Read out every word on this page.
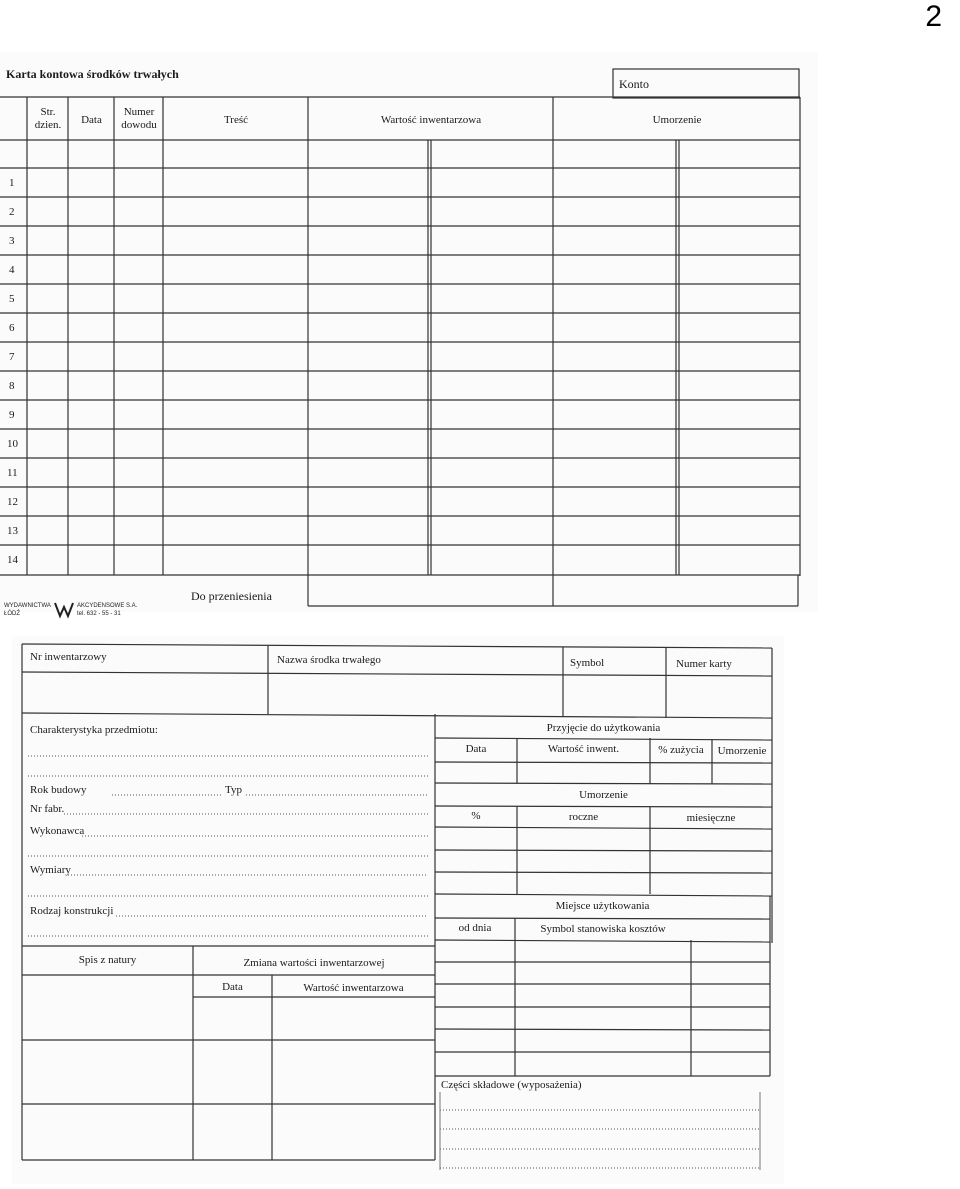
2
Karta kontowa środków trwałych
Konto
Str.
dzien.	Data
Numer
dowodu	Treść	Wartość inwentarzowa	Umorzenie
1
2
3
4
5
6
7
8
9
10
11
12
13
14
Do przeniesienia
WYDAWNICTWA
ŁÓDŹ
AKCYDENSOWE S.A.
tel. 632 - 55 - 31
Nr inwentarzowy	Nazwa środka trwałego	Symbol	Numer karty
Charakterystyka przedmiotu:
Rok budowy	Typ
Nr fabr.
Wykonawca
Wymiary
Rodzaj konstrukcji
Spis z natury	Zmiana wartości inwentarzowej
Data	Wartość inwentarzowa
Przyjęcie do użytkowania
Data	Wartość inwent.	% zużycia	Umorzenie
Umorzenie
%	roczne	miesięczne
Miejsce użytkowania
od dnia	Symbol stanowiska kosztów
Części składowe (wyposażenia)
